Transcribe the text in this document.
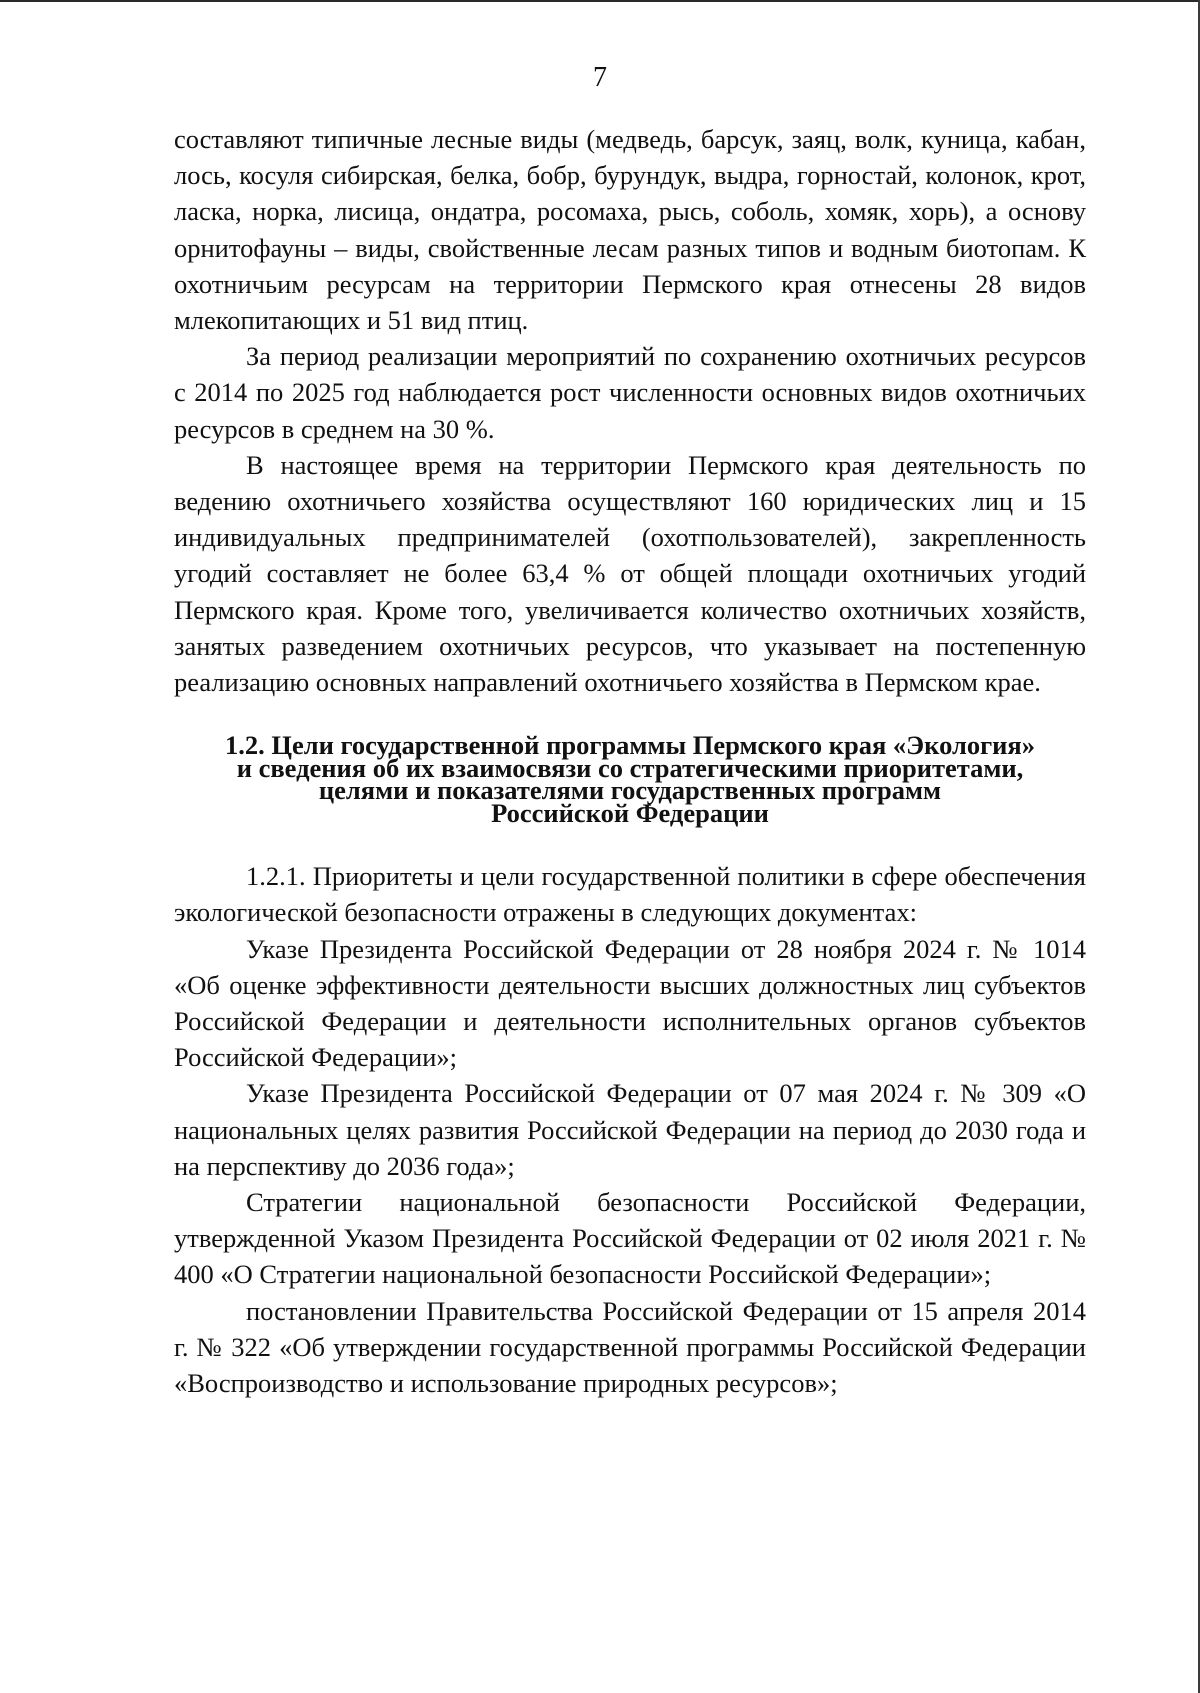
7

составляют типичные лесные виды (медведь, барсук, заяц, волк, куница, кабан, лось, косуля сибирская, белка, бобр, бурундук, выдра, горностай, колонок, крот, ласка, норка, лисица, ондатра, росомаха, рысь, соболь, хомяк, хорь), а основу орнитофауны – виды, свойственные лесам разных типов и водным биотопам. К охотничьим ресурсам на территории Пермского края отнесены 28 видов млекопитающих и 51 вид птиц.

За период реализации мероприятий по сохранению охотничьих ресурсов с 2014 по 2025 год наблюдается рост численности основных видов охотничьих ресурсов в среднем на 30 %.

В настоящее время на территории Пермского края деятельность по ведению охотничьего хозяйства осуществляют 160 юридических лиц и 15 индивидуальных предпринимателей (охотпользователей), закрепленность угодий составляет не более 63,4 % от общей площади охотничьих угодий Пермского края. Кроме того, увеличивается количество охотничьих хозяйств, занятых разведением охотничьих ресурсов, что указывает на постепенную реализацию основных направлений охотничьего хозяйства в Пермском крае.

1.2. Цели государственной программы Пермского края «Экология»
и сведения об их взаимосвязи со стратегическими приоритетами,
целями и показателями государственных программ
Российской Федерации

1.2.1. Приоритеты и цели государственной политики в сфере обеспечения экологической безопасности отражены в следующих документах:

Указе Президента Российской Федерации от 28 ноября 2024 г. № 1014 «Об оценке эффективности деятельности высших должностных лиц субъектов Российской Федерации и деятельности исполнительных органов субъектов Российской Федерации»;

Указе Президента Российской Федерации от 07 мая 2024 г. № 309 «О национальных целях развития Российской Федерации на период до 2030 года и на перспективу до 2036 года»;

Стратегии национальной безопасности Российской Федерации, утвержденной Указом Президента Российской Федерации от 02 июля 2021 г. № 400 «О Стратегии национальной безопасности Российской Федерации»;

постановлении Правительства Российской Федерации от 15 апреля 2014 г. № 322 «Об утверждении государственной программы Российской Федерации «Воспроизводство и использование природных ресурсов»;
